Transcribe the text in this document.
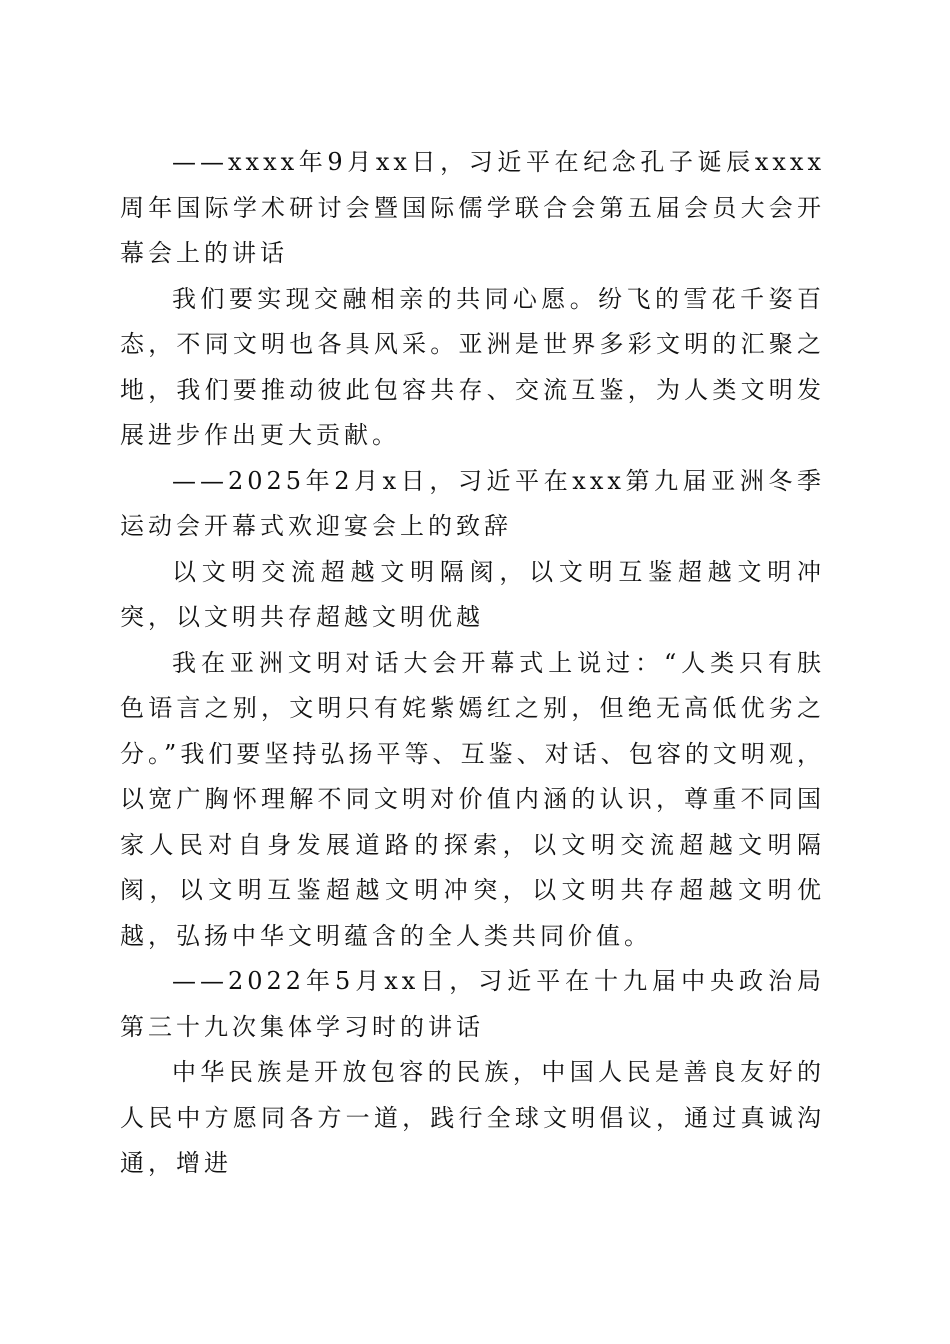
——xxxx年9月xx日，习近平在纪念孔子诞辰xxxx周年国际学术研讨会暨国际儒学联合会第五届会员大会开幕会上的讲话

我们要实现交融相亲的共同心愿。纷飞的雪花千姿百态，不同文明也各具风采。亚洲是世界多彩文明的汇聚之地，我们要推动彼此包容共存、交流互鉴，为人类文明发展进步作出更大贡献。

——2025年2月x日，习近平在xxx第九届亚洲冬季运动会开幕式欢迎宴会上的致辞

以文明交流超越文明隔阂，以文明互鉴超越文明冲突，以文明共存超越文明优越

我在亚洲文明对话大会开幕式上说过：“人类只有肤色语言之别，文明只有姹紫嫣红之别，但绝无高低优劣之分。”我们要坚持弘扬平等、互鉴、对话、包容的文明观，以宽广胸怀理解不同文明对价值内涵的认识，尊重不同国家人民对自身发展道路的探索，以文明交流超越文明隔阂，以文明互鉴超越文明冲突，以文明共存超越文明优越，弘扬中华文明蕴含的全人类共同价值。

——2022年5月xx日，习近平在十九届中央政治局第三十九次集体学习时的讲话

中华民族是开放包容的民族，中国人民是善良友好的人民中方愿同各方一道，践行全球文明倡议，通过真诚沟通，增进
